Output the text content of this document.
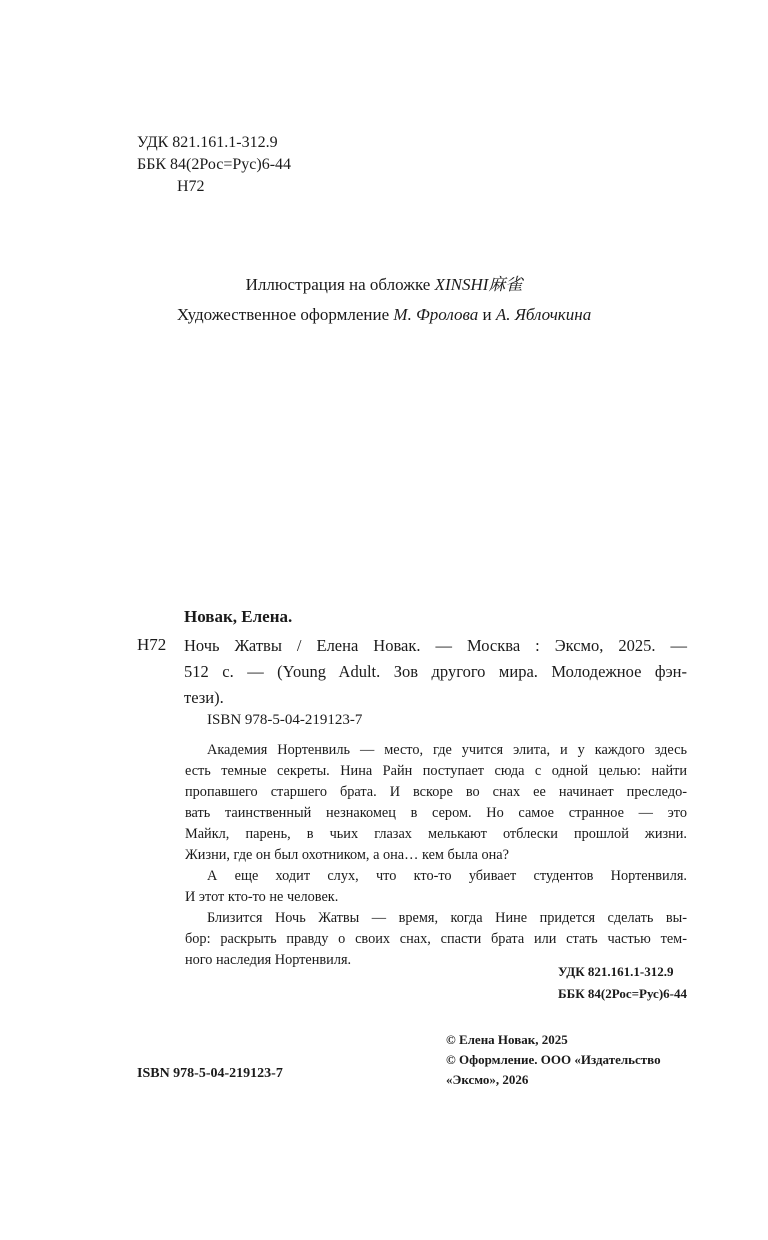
УДК 821.161.1-312.9
ББК 84(2Рос=Рус)6-44
Н72
Иллюстрация на обложке XINSHI麻雀
Художественное оформление М. Фролова и А. Яблочкина
Новак, Елена.
Н72 Ночь Жатвы / Елена Новак. — Москва : Эксмо, 2025. —
512 с. — (Young Adult. Зов другого мира. Молодежное фэн-
тези).
ISBN 978-5-04-219123-7
Академия Нортенвиль — место, где учится элита, и у каждого здесь
есть темные секреты. Нина Райн поступает сюда с одной целью: найти
пропавшего старшего брата. И вскоре во снах ее начинает преследо-
вать таинственный незнакомец в сером. Но самое странное — это
Майкл, парень, в чьих глазах мелькают отблески прошлой жизни.
Жизни, где он был охотником, а она… кем была она?
А еще ходит слух, что кто-то убивает студентов Нортенвиля.
И этот кто-то не человек.
Близится Ночь Жатвы — время, когда Нине придется сделать вы-
бор: раскрыть правду о своих снах, спасти брата или стать частью тем-
ного наследия Нортенвиля.
УДК 821.161.1-312.9
ББК 84(2Рос=Рус)6-44
© Елена Новак, 2025
© Оформление. ООО «Издательство
«Эксмо», 2026
ISBN 978-5-04-219123-7
